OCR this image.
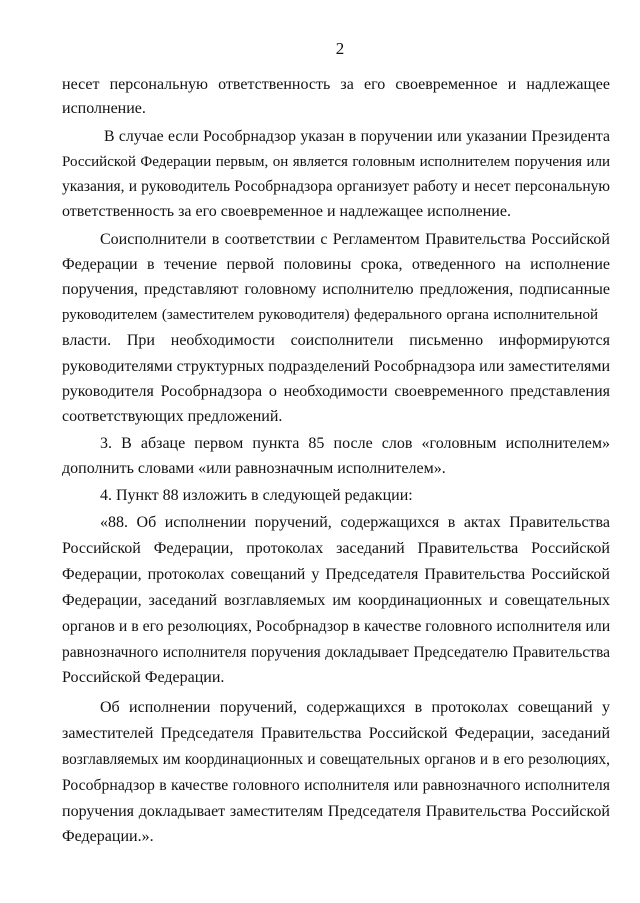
2
несет персональную ответственность за его своевременное и надлежащее
исполнение.
В случае если Рособрнадзор указан в поручении или указании Президента
Российской Федерации первым, он является головным исполнителем поручения или
указания, и руководитель Рособрнадзора организует работу и несет персональную
ответственность за его своевременное и надлежащее исполнение.
Соисполнители в соответствии с Регламентом Правительства Российской
Федерации в течение первой половины срока, отведенного на исполнение
поручения, представляют головному исполнителю предложения, подписанные
руководителем (заместителем руководителя) федерального органа исполнительной
власти. При необходимости соисполнители письменно информируются
руководителями структурных подразделений Рособрнадзора или заместителями
руководителя Рособрнадзора о необходимости своевременного представления
соответствующих предложений.
3. В абзаце первом пункта 85 после слов «головным исполнителем»
дополнить словами «или равнозначным исполнителем».
4. Пункт 88 изложить в следующей редакции:
«88. Об исполнении поручений, содержащихся в актах Правительства
Российской Федерации, протоколах заседаний Правительства Российской
Федерации, протоколах совещаний у Председателя Правительства Российской
Федерации, заседаний возглавляемых им координационных и совещательных
органов и в его резолюциях, Рособрнадзор в качестве головного исполнителя или
равнозначного исполнителя поручения докладывает Председателю Правительства
Российской Федерации.
Об исполнении поручений, содержащихся в протоколах совещаний у
заместителей Председателя Правительства Российской Федерации, заседаний
возглавляемых им координационных и совещательных органов и в его резолюциях,
Рособрнадзор в качестве головного исполнителя или равнозначного исполнителя
поручения докладывает заместителям Председателя Правительства Российской
Федерации.».
